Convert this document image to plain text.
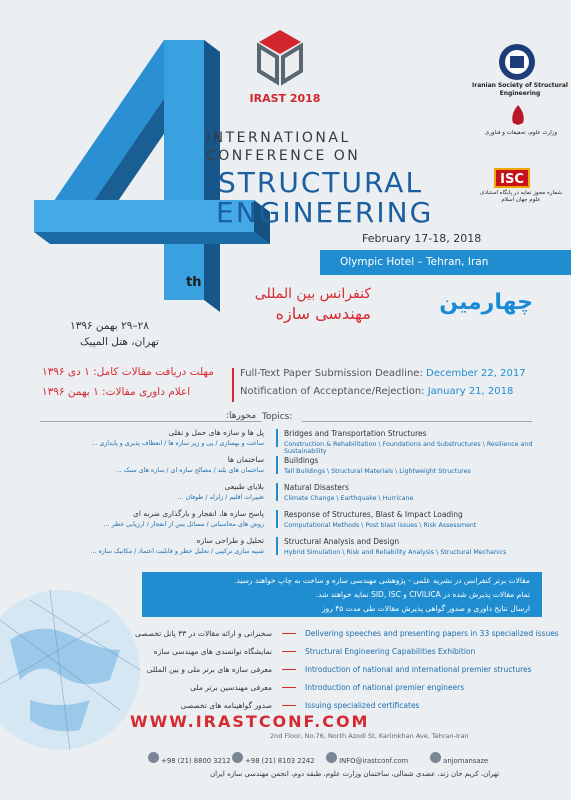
th
IRAST 2018
INTERNATIONAL
CONFERENCE ON
STRUCTURAL
ENGINEERING
February 17-18, 2018
Olympic Hotel – Tehran, Iran
چهارمین
کنفرانس بین المللی
مهندسی سازه
۲۸–۲۹ بهمن ۱۳۹۶
تهران، هتل المپیک
Iranian Society of Structural Engineering
وزارت علوم، تحقیقات و فناوری
ISC
شماره مجوز نمایه در پایگاه استنادی علوم جهان اسلام
مهلت دریافت مقالات کامل: ۱ دی ۱۳۹۶
اعلام داوری مقالات: ۱ بهمن ۱۳۹۶
Full-Text Paper Submission Deadline: December 22, 2017
Notification of Acceptance/Rejection: January 21, 2018
Topics:
محورها:
Bridges and Transportation Structures
Construction & Rehabilitation \ Foundations and Substructures \ Resilience and Sustainability
پل ها و سازه های حمل و نقلی
ساخت و بهسازی / پی و زیر سازه ها / انعطاف پذیری و پایداری ...
Buildings
Tall Buildings \ Structural Materials \ Lightweight Structures
ساختمان ها
ساختمان های بلند / مصالح سازه ای / سازه های سبک ...
Natural Disasters
Climate Change \ Earthquake \ Hurricane
بلایای طبیعی
تغییرات اقلیم / زلزله / طوفان ...
Response of Structures, Blast & Impact Loading
Computational Methods \ Post blast issues \ Risk Assessment
پاسخ سازه ها، انفجار و بارگذاری ضربه ای
روش های محاسباتی / مسائل پس از انفجار / ارزیابی خطر ...
Structural Analysis and Design
Hybrid Simulation \ Risk and Reliability Analysis \ Structural Mechanics
تحلیل و طراحی سازه
شبیه سازی ترکیبی / تحلیل خطر و قابلیت اعتماد / مکانیک سازه ...
مقالات برتر کنفرانس در نشریه علمی - پژوهشی مهندسی سازه و ساخت به چاپ خواهند رسید.
تمام مقالات پذیرش شده در CIVILICA و SID, ISC نمایه خواهند شد.
ارسال نتایج داوری و صدور گواهی پذیرش مقالات طی مدت ۴۵ روز
Delivering speeches and presenting papers in 33 specialized issues
سخنرانی و ارائه مقالات در ۳۳ پانل تخصصی
Structural Engineering Capabilities Exhibition
نمایشگاه توانمندی های مهندسی سازه
Introduction of national and international premier structures
معرفی سازه های برتر ملی و بین المللی
Introduction of national premier engineers
معرفی مهندسین برتر ملی
Issuing specialized certificates
صدور گواهینامه های تخصصی
WWW.IRASTCONF.COM
2nd Floor, No.76, North Azodi St, Karimkhan Ave, Tehran-Iran
+98 (21) 8800 3212	+98 (21) 8103 2242	INFO@irastconf.com	anjomansaze
تهران، کریم خان زند، عضدی شمالی، ساختمان وزارت علوم، طبقه دوم، انجمن مهندسی سازه ایران
